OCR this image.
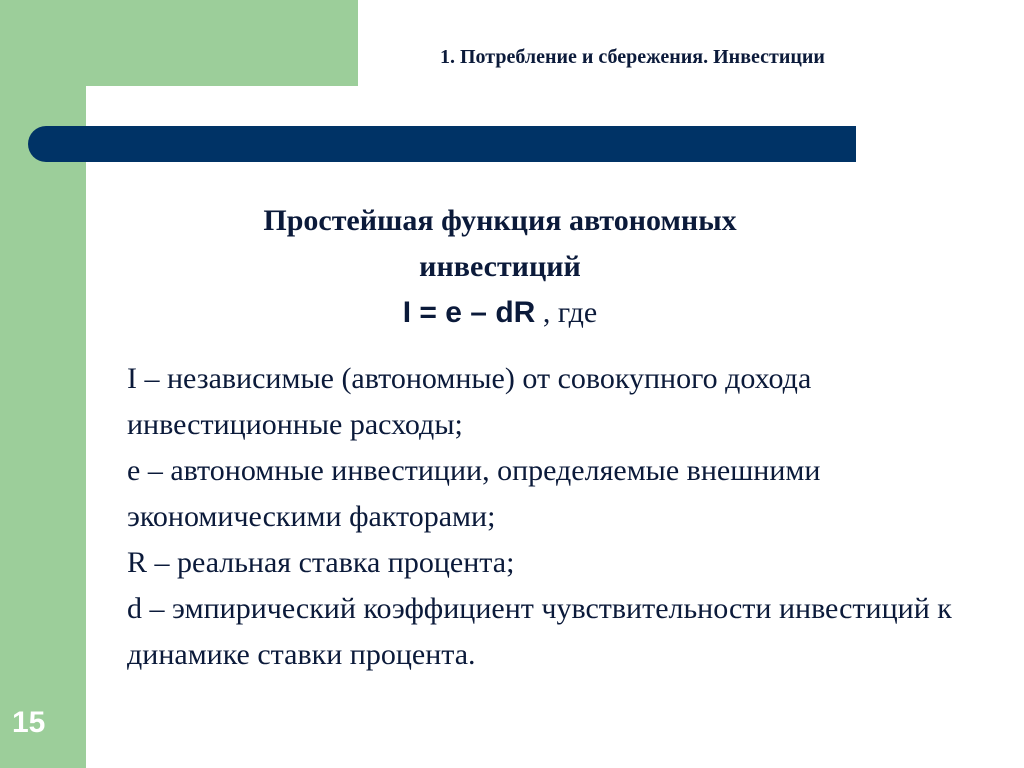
1. Потребление и сбережения. Инвестиции
Простейшая функция автономных
инвестиций
I = e – dR , где
I – независимые (автономные) от совокупного дохода инвестиционные расходы;
e – автономные инвестиции, определяемые внешними экономическими факторами;
R – реальная ставка процента;
d – эмпирический коэффициент чувствительности инвестиций к динамике ставки процента.
15
